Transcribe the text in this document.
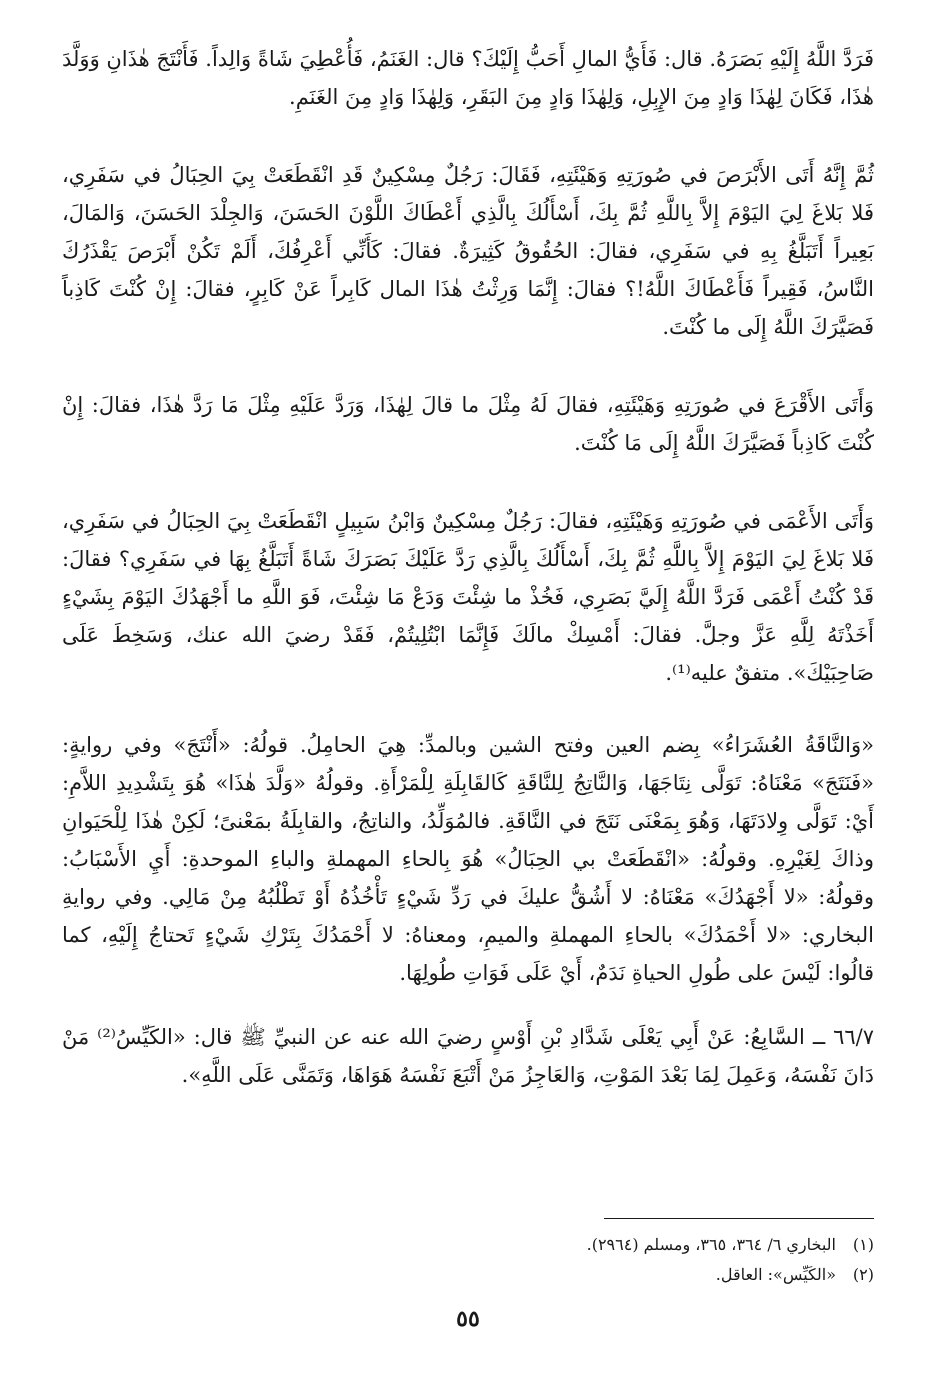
فَرَدَّ اللَّهُ إِلَيْهِ بَصَرَهُ. قال: فَأَيُّ المالِ أَحَبُّ إِلَيْكَ؟ قال: الغَنَمُ، فَأُعْطِيَ شَاةً وَالِداً. فَأَنْتَجَ هٰذَانِ وَوَلَّدَ هٰذَا، فَكَانَ لِهٰذَا وَادٍ مِنَ الإِبِلِ، وَلِهٰذَا وَادٍ مِنَ البَقَرِ، وَلِهٰذَا وَادٍ مِنَ الغَنَمِ.

ثُمَّ إِنَّهُ أَتَى الأَبْرَصَ في صُورَتِهِ وَهَيْئَتِهِ، فَقَالَ: رَجُلٌ مِسْكِينٌ قَدِ انْقَطَعَتْ بِيَ الحِبَالُ في سَفَرِي، فَلا بَلاغَ لِيَ اليَوْمَ إِلاَّ بِاللَّهِ ثُمَّ بِكَ، أَسْأَلُكَ بِالَّذِي أَعْطَاكَ اللَّوْنَ الحَسَنَ، وَالجِلْدَ الحَسَنَ، وَالمَالَ، بَعِيراً أَتَبَلَّغُ بِهِ في سَفَرِي، فقالَ: الحُقُوقُ كَثِيرَةٌ. فقالَ: كَأَنِّي أَعْرِفُكَ، أَلَمْ تَكُنْ أَبْرَصَ يَقْذَرُكَ النَّاسُ، فَقِيراً فَأَعْطَاكَ اللَّهُ!؟ فقالَ: إِنَّمَا وَرِثْتُ هٰذَا المال كَابِراً عَنْ كَابِرٍ، فقالَ: إِنْ كُنْتَ كَاذِباً فَصَيَّرَكَ اللَّهُ إِلَى ما كُنْتَ.

وَأَتَى الأَقْرَعَ في صُورَتِهِ وَهَيْئَتِهِ، فقالَ لَهُ مِثْلَ ما قالَ لِهٰذَا، وَرَدَّ عَلَيْهِ مِثْلَ مَا رَدَّ هٰذَا، فقالَ: إِنْ كُنْتَ كَاذِباً فَصَيَّرَكَ اللَّهُ إِلَى مَا كُنْتَ.

وَأَتَى الأَعْمَى في صُورَتِهِ وَهَيْئَتِهِ، فقالَ: رَجُلٌ مِسْكِينٌ وَابْنُ سَبِيلٍ انْقَطَعَتْ بِيَ الحِبَالُ في سَفَرِي، فَلا بَلاغَ لِيَ اليَوْمَ إِلاَّ بِاللَّهِ ثُمَّ بِكَ، أَسْأَلُكَ بِالَّذِي رَدَّ عَلَيْكَ بَصَرَكَ شَاةً أَتَبَلَّغُ بِهَا في سَفَرِي؟ فقالَ: قَدْ كُنْتُ أَعْمَى فَرَدَّ اللَّهُ إِلَيَّ بَصَرِي، فَخُذْ ما شِئْتَ وَدَعْ مَا شِئْتَ، فَوَ اللَّهِ ما أَجْهَدُكَ اليَوْمَ بِشَيْءٍ أَخَذْتَهُ لِلَّهِ عَزَّ وجلَّ. فقالَ: أَمْسِكْ مالَكَ فَإِنَّمَا ابْتُلِيتُمْ، فَقَدْ رضيَ الله عنك، وَسَخِطَ عَلَى صَاحِبَيْكَ». متفقٌ عليه⁽¹⁾.

«وَالنَّاقَةُ العُشَرَاءُ» بِضم العين وفتح الشين وبالمدِّ: هِيَ الحامِلُ. قولُهُ: «أَنْتَجَ» وفي روايةٍ: «فَنَتَجَ» مَعْنَاهُ: تَوَلَّى نِتَاجَهَا، وَالنَّاتِجُ لِلنَّاقَةِ كَالقَابِلَةِ لِلْمَرْأَةِ. وقولُهُ «وَلَّدَ هٰذَا» هُوَ بِتَشْدِيدِ اللاَّمِ: أَيْ: تَوَلَّى وِلادَتَهَا، وَهُوَ بِمَعْنَى نَتَجَ في النَّاقَةِ. فالمُوَلِّدُ، والناتِجُ، والقابِلَةُ بمَعْنىً؛ لَكِنْ هٰذَا لِلْحَيَوانِ وذاكَ لِغَيْرِهِ. وقولُهُ: «انْقَطَعَتْ بي الحِبَالُ» هُوَ بِالحاءِ المهملةِ والباءِ الموحدةِ: أَيِ الأَسْبَابُ: وقولُهُ: «لا أَجْهَدُكَ» مَعْنَاهُ: لا أَشُقُّ عليكَ في رَدِّ شَيْءٍ تَأْخُذُهُ أَوْ تَطْلُبُهُ مِنْ مَالِي. وفي روايةِ البخاري: «لا أَحْمَدُكَ» بالحاءِ المهملةِ والميمِ، ومعناهُ: لا أَحْمَدُكَ بِتَرْكِ شَيْءٍ تَحتاجُ إِلَيْهِ، كما قالُوا: لَيْسَ على طُولِ الحياةِ نَدَمٌ، أَيْ عَلَى فَوَاتِ طُولِهَا.

٦٦/٧ ــ السَّابِعُ: عَنْ أَبِي يَعْلَى شَدَّادِ بْنِ أَوْسٍ رضيَ الله عنه عن النبيِّ ﷺ قال: «الكَيِّسُ⁽²⁾ مَنْ دَانَ نَفْسَهُ، وَعَمِلَ لِمَا بَعْدَ المَوْتِ، وَالعَاجِزُ مَنْ أَتْبَعَ نَفْسَهُ هَوَاهَا، وَتَمَنَّى عَلَى اللَّهِ».

(١)
البخاري ٦/ ٣٦٤، ٣٦٥، ومسلم (٢٩٦٤).

(٢)
«الكَيِّس»: العاقل.

٥٥
